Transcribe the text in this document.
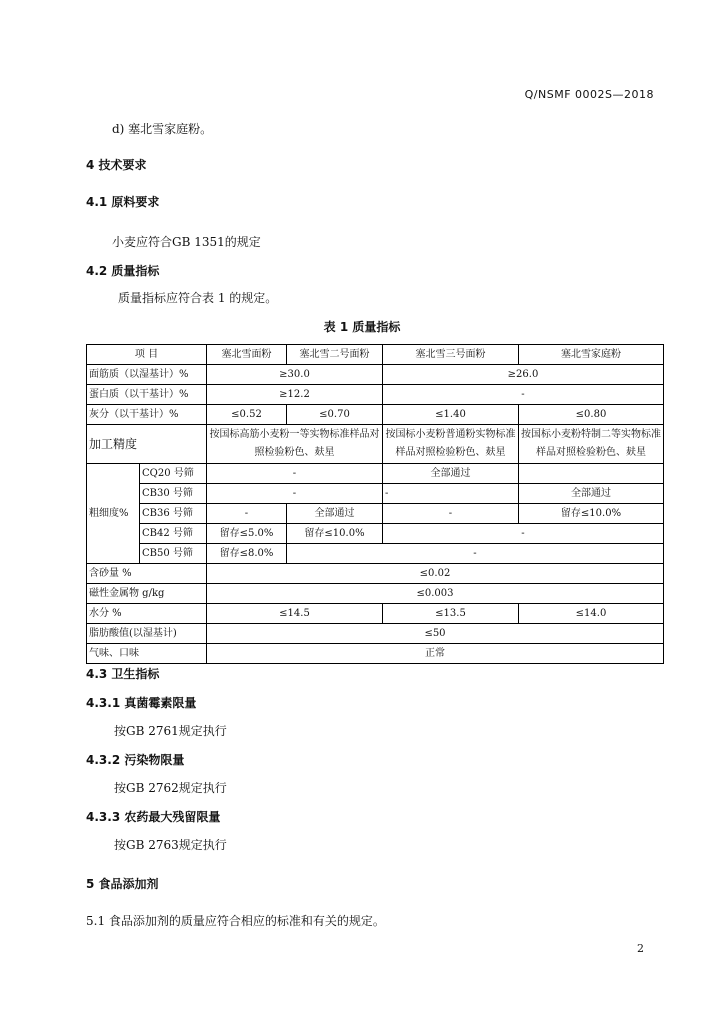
Q/NSMF 0002S—2018
d) 塞北雪家庭粉。
4 技术要求
4.1 原料要求
小麦应符合GB 1351的规定
4.2 质量指标
质量指标应符合表 1 的规定。
表 1 质量指标
项 目		塞北雪面粉	塞北雪二号面粉	塞北雪三号面粉	塞北雪家庭粉
面筋质（以湿基计）%		≥30.0		≥26.0	
蛋白质（以干基计）%		≥12.2		-	
灰分（以干基计）%		≤0.52	≤0.70	≤1.40	≤0.80
加工精度		按国标高筋小麦粉一等实物标准样品对照检验粉色、麸星		按国标小麦粉普通粉实物标准样品对照检验粉色、麸星	按国标小麦粉特制二等实物标准样品对照检验粉色、麸星
粗细度%	CQ20 号筛	-		全部通过	
	CB30 号筛	-		-	全部通过
	CB36 号筛	-	全部通过	-	留存≤10.0%
	CB42 号筛	留存≤5.0%	留存≤10.0%	-	
	CB50 号筛	留存≤8.0%	-		
含砂量 %		≤0.02			
磁性金属物 g/kg		≤0.003			
水分 %		≤14.5		≤13.5	≤14.0
脂肪酸值(以湿基计)		≤50			
气味、口味		正常			
4.3 卫生指标
4.3.1 真菌霉素限量
按GB 2761规定执行
4.3.2 污染物限量
按GB 2762规定执行
4.3.3 农药最大残留限量
按GB 2763规定执行
5 食品添加剂
5.1 食品添加剂的质量应符合相应的标准和有关的规定。
2
